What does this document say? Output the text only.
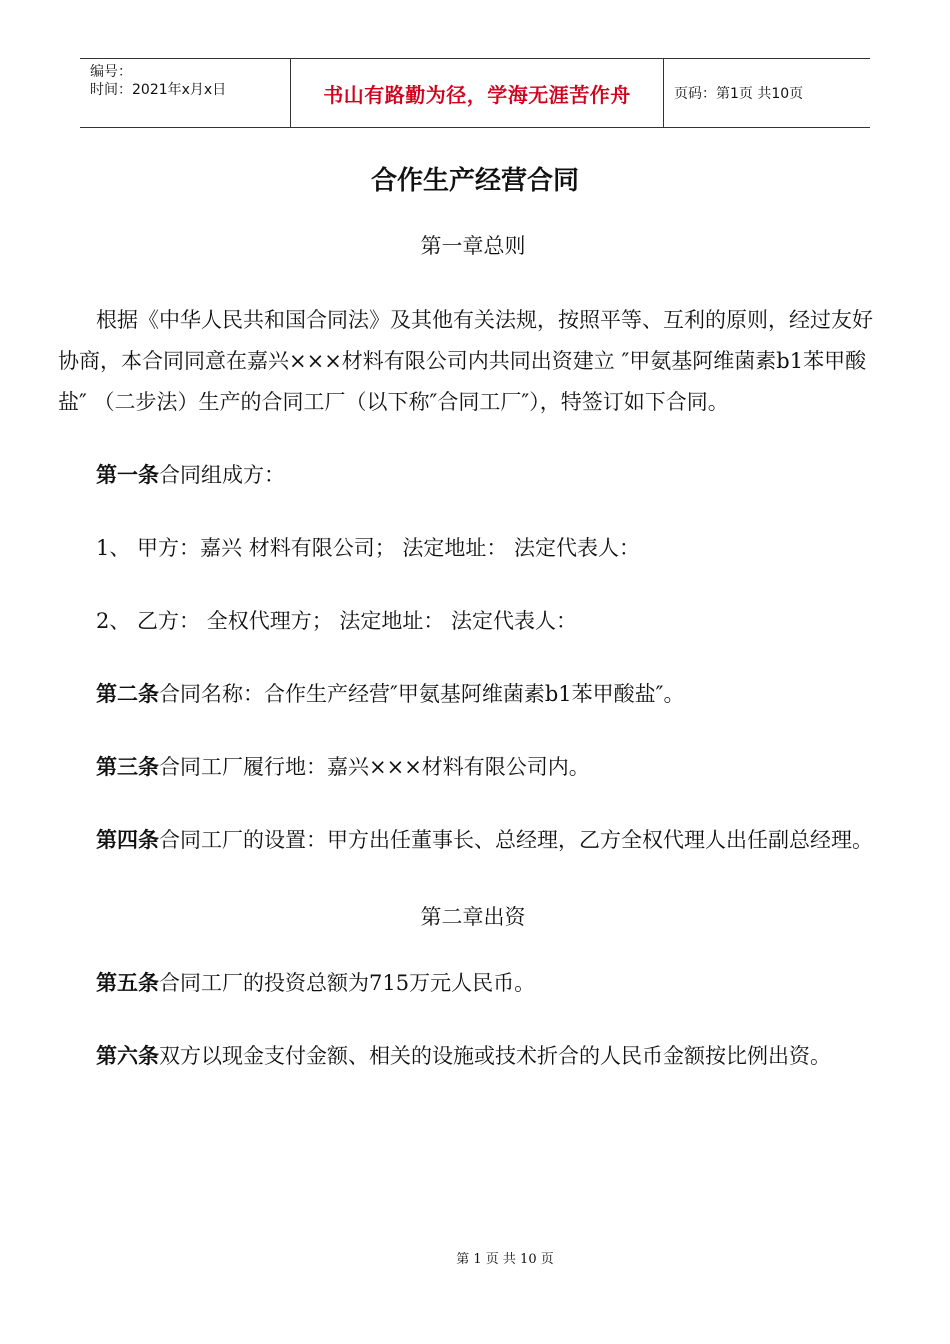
编号：
时间：2021年x月x日	书山有路勤为径，学海无涯苦作舟	页码：第1页 共10页
合作生产经营合同

第一章总则

根据《中华人民共和国合同法》及其他有关法规，按照平等、互利的原则，经过友好协商，本合同同意在嘉兴×××材料有限公司内共同出资建立 ″甲氨基阿维菌素b1苯甲酸盐″ （二步法）生产的合同工厂（以下称″合同工厂″），特签订如下合同。

第一条合同组成方：

1、 甲方：嘉兴 材料有限公司； 法定地址： 法定代表人：

2、 乙方： 全权代理方； 法定地址： 法定代表人：

第二条合同名称：合作生产经营″甲氨基阿维菌素b1苯甲酸盐″。

第三条合同工厂履行地：嘉兴×××材料有限公司内。

第四条合同工厂的设置：甲方出任董事长、总经理，乙方全权代理人出任副总经理。

第二章出资

第五条合同工厂的投资总额为715万元人民币。

第六条双方以现金支付金额、相关的设施或技术折合的人民币金额按比例出资。

第 1 页 共 10 页
